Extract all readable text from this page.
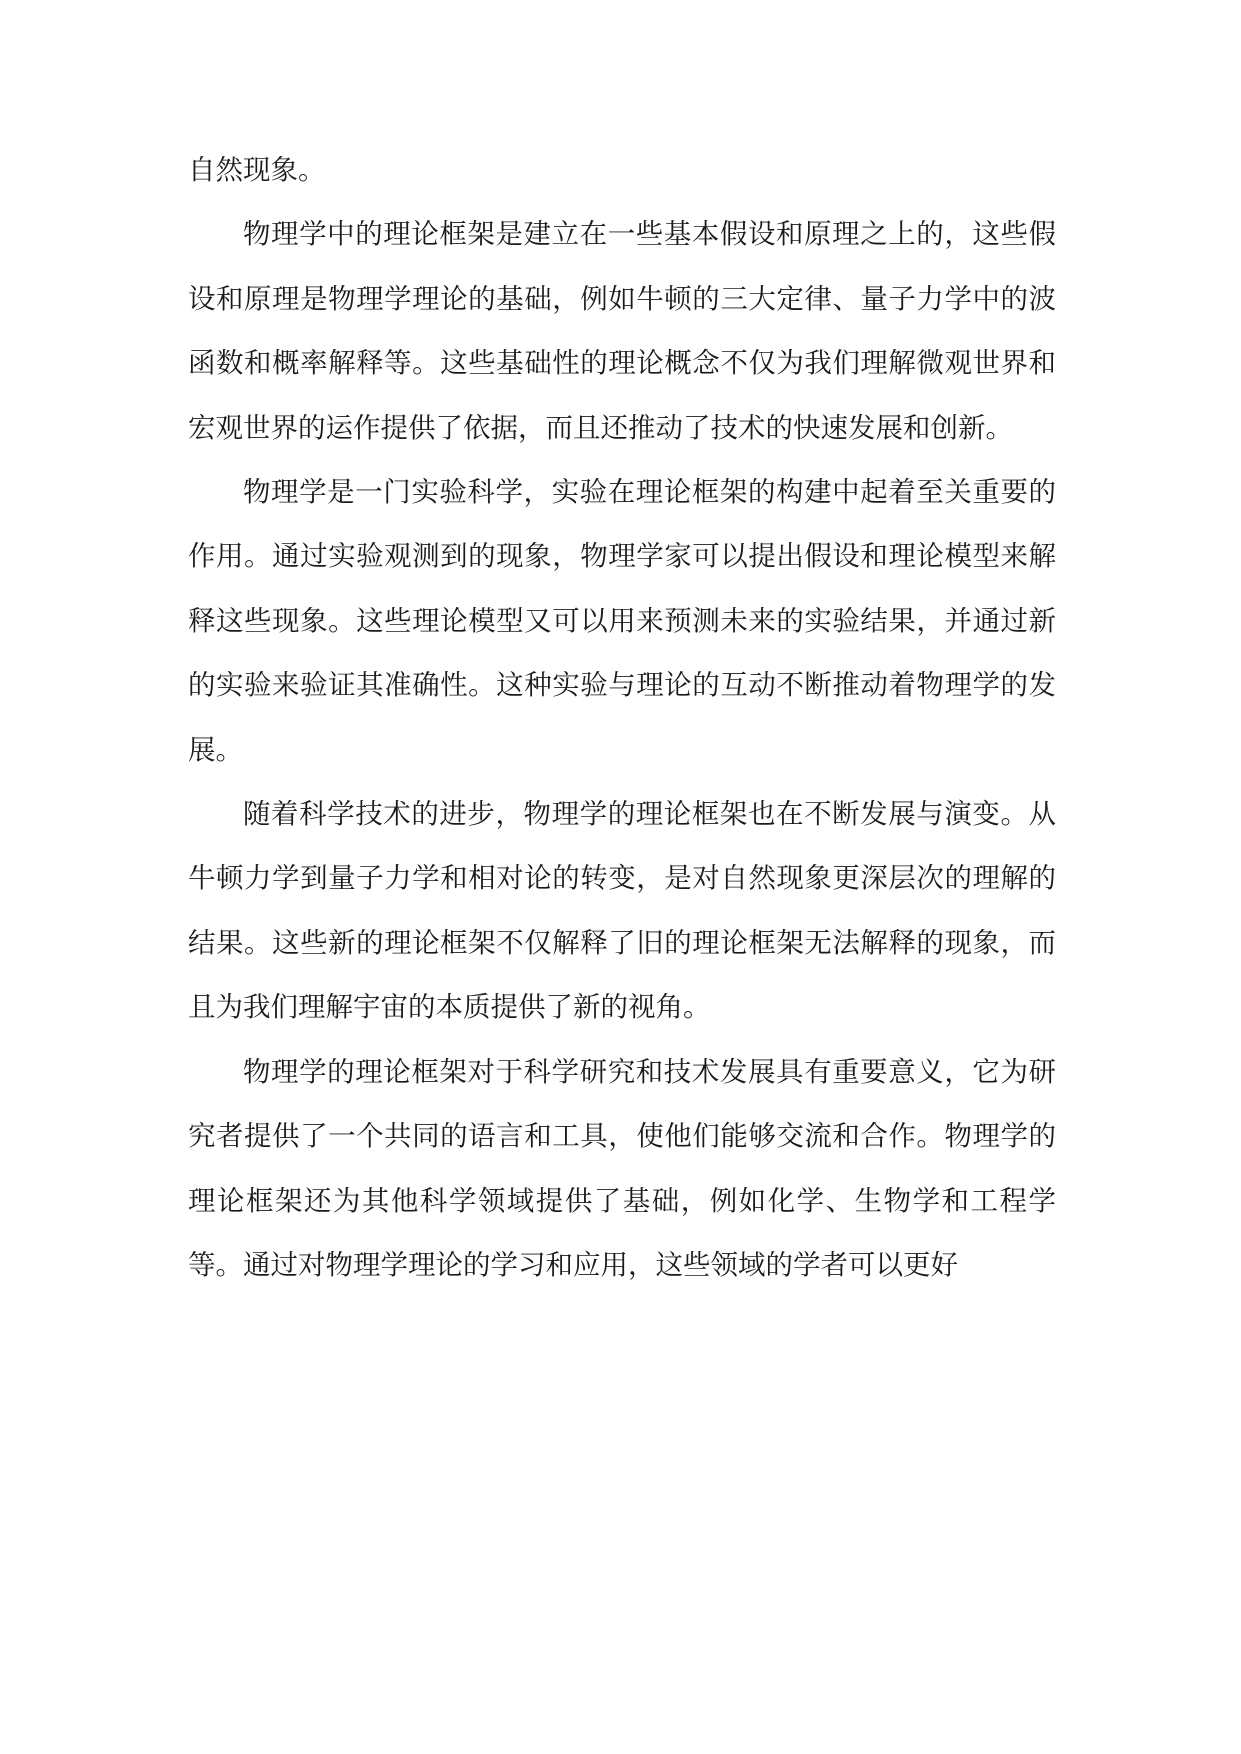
自然现象。

物理学中的理论框架是建立在一些基本假设和原理之上的，这些假设和原理是物理学理论的基础，例如牛顿的三大定律、量子力学中的波函数和概率解释等。这些基础性的理论概念不仅为我们理解微观世界和宏观世界的运作提供了依据，而且还推动了技术的快速发展和创新。

物理学是一门实验科学，实验在理论框架的构建中起着至关重要的作用。通过实验观测到的现象，物理学家可以提出假设和理论模型来解释这些现象。这些理论模型又可以用来预测未来的实验结果，并通过新的实验来验证其准确性。这种实验与理论的互动不断推动着物理学的发展。

随着科学技术的进步，物理学的理论框架也在不断发展与演变。从牛顿力学到量子力学和相对论的转变，是对自然现象更深层次的理解的结果。这些新的理论框架不仅解释了旧的理论框架无法解释的现象，而且为我们理解宇宙的本质提供了新的视角。

物理学的理论框架对于科学研究和技术发展具有重要意义，它为研究者提供了一个共同的语言和工具，使他们能够交流和合作。物理学的理论框架还为其他科学领域提供了基础，例如化学、生物学和工程学等。通过对物理学理论的学习和应用，这些领域的学者可以更好
